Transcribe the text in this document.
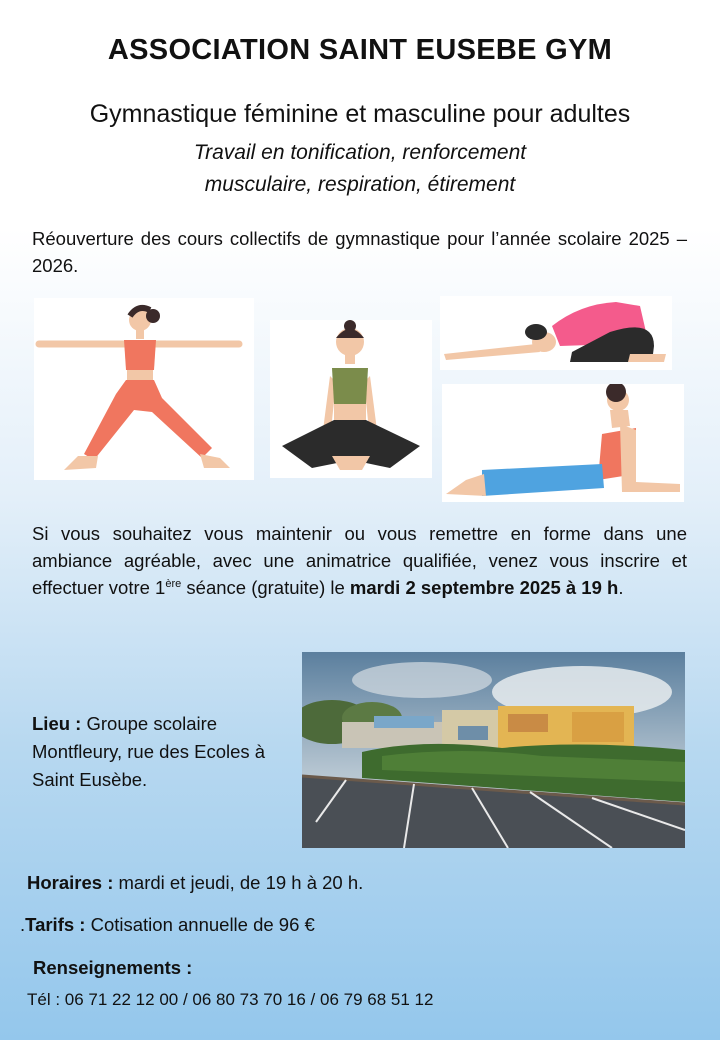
ASSOCIATION SAINT EUSEBE GYM
Gymnastique féminine et masculine pour adultes
Travail en tonification, renforcement
musculaire, respiration, étirement
Réouverture des cours collectifs de gymnastique pour l’année scolaire 2025 – 2026.
Si vous souhaitez vous maintenir ou vous remettre en forme dans une ambiance agréable, avec une animatrice qualifiée, venez vous inscrire et effectuer votre 1ère séance (gratuite) le mardi 2 septembre 2025 à 19 h.
Lieu : Groupe scolaire Montfleury, rue des Ecoles à Saint Eusèbe.
Horaires : mardi et jeudi, de 19 h à 20 h.
.Tarifs : Cotisation annuelle de 96 €
Renseignements :
Tél : 06 71 22 12 00 / 06 80 73 70 16 / 06 79 68 51 12
